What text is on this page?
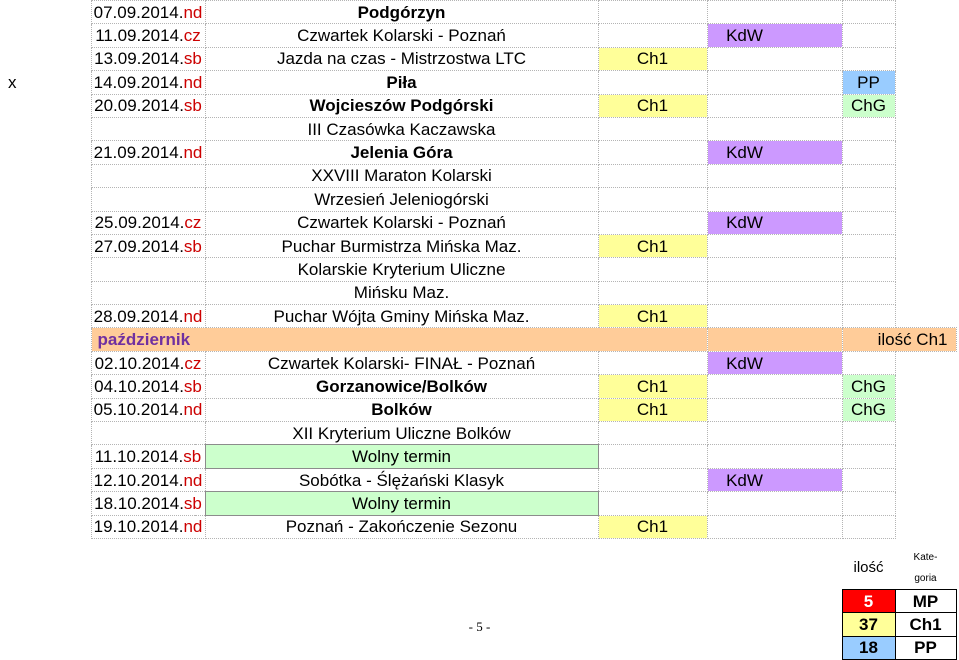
	07.09.2014.nd	Podgórzyn				
	11.09.2014.cz	Czwartek Kolarski - Poznań		KdW		
	13.09.2014.sb	Jazda na czas - Mistrzostwa LTC	Ch1			
x	14.09.2014.nd	Piła			PP	
	20.09.2014.sb	Wojcieszów Podgórski	Ch1		ChG	
		III Czasówka Kaczawska				
	21.09.2014.nd	Jelenia Góra		KdW		
		XXVIII Maraton Kolarski				
		Wrzesień Jeleniogórski				
	25.09.2014.cz	Czwartek Kolarski - Poznań		KdW		
	27.09.2014.sb	Puchar Burmistrza Mińska Maz.	Ch1			
		Kolarskie Kryterium Uliczne				
		Mińsku Maz.				
	28.09.2014.nd	Puchar Wójta Gminy Mińska Maz.	Ch1			
	październik				ilość Ch1	
	02.10.2014.cz	Czwartek Kolarski- FINAŁ - Poznań		KdW		
	04.10.2014.sb	Gorzanowice/Bolków	Ch1		ChG	
	05.10.2014.nd	Bolków	Ch1		ChG	
		XII Kryterium Uliczne Bolków				
	11.10.2014.sb	Wolny termin				
	12.10.2014.nd	Sobótka - Ślężański Klasyk		KdW		
	18.10.2014.sb	Wolny termin				
	19.10.2014.nd	Poznań - Zakończenie Sezonu	Ch1			

					ilość	Kate-
goria
					5	MP
					37	Ch1
					18	PP
- 5 -
